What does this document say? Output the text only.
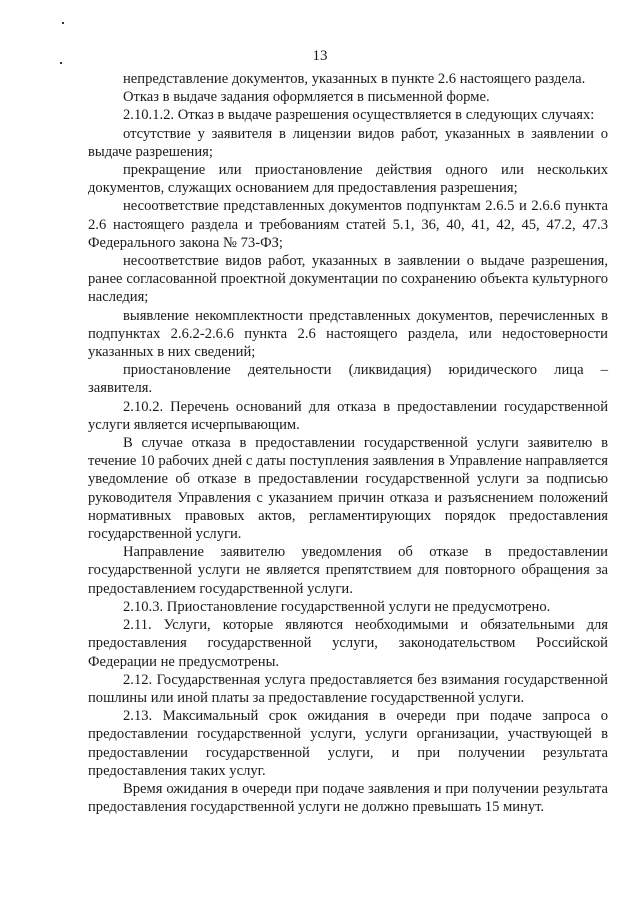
13

непредставление документов, указанных в пункте 2.6 настоящего раздела.

Отказ в выдаче задания оформляется в письменной форме.

2.10.1.2. Отказ в выдаче разрешения осуществляется в следующих случаях:

отсутствие у заявителя в лицензии видов работ, указанных в заявлении о выдаче разрешения;

прекращение или приостановление действия одного или нескольких документов, служащих основанием для предоставления разрешения;

несоответствие представленных документов подпунктам 2.6.5 и 2.6.6 пункта 2.6 настоящего раздела и требованиям статей 5.1, 36, 40, 41, 42, 45, 47.2, 47.3 Федерального закона № 73-ФЗ;

несоответствие видов работ, указанных в заявлении о выдаче разрешения, ранее согласованной проектной документации по сохранению объекта культурного наследия;

выявление некомплектности представленных документов, перечисленных в подпунктах 2.6.2-2.6.6 пункта 2.6 настоящего раздела, или недостоверности указанных в них сведений;

приостановление деятельности (ликвидация) юридического лица – заявителя.

2.10.2. Перечень оснований для отказа в предоставлении государственной услуги является исчерпывающим.

В случае отказа в предоставлении государственной услуги заявителю в течение 10 рабочих дней с даты поступления заявления в Управление направляется уведомление об отказе в предоставлении государственной услуги за подписью руководителя Управления с указанием причин отказа и разъяснением положений нормативных правовых актов, регламентирующих порядок предоставления государственной услуги.

Направление заявителю уведомления об отказе в предоставлении государственной услуги не является препятствием для повторного обращения за предоставлением государственной услуги.

2.10.3. Приостановление государственной услуги не предусмотрено.

2.11. Услуги, которые являются необходимыми и обязательными для предоставления государственной услуги, законодательством Российской Федерации не предусмотрены.

2.12. Государственная услуга предоставляется без взимания государственной пошлины или иной платы за предоставление государственной услуги.

2.13. Максимальный срок ожидания в очереди при подаче запроса о предоставлении государственной услуги, услуги организации, участвующей в предоставлении государственной услуги, и при получении результата предоставления таких услуг.

Время ожидания в очереди при подаче заявления и при получении результата предоставления государственной услуги не должно превышать 15 минут.
